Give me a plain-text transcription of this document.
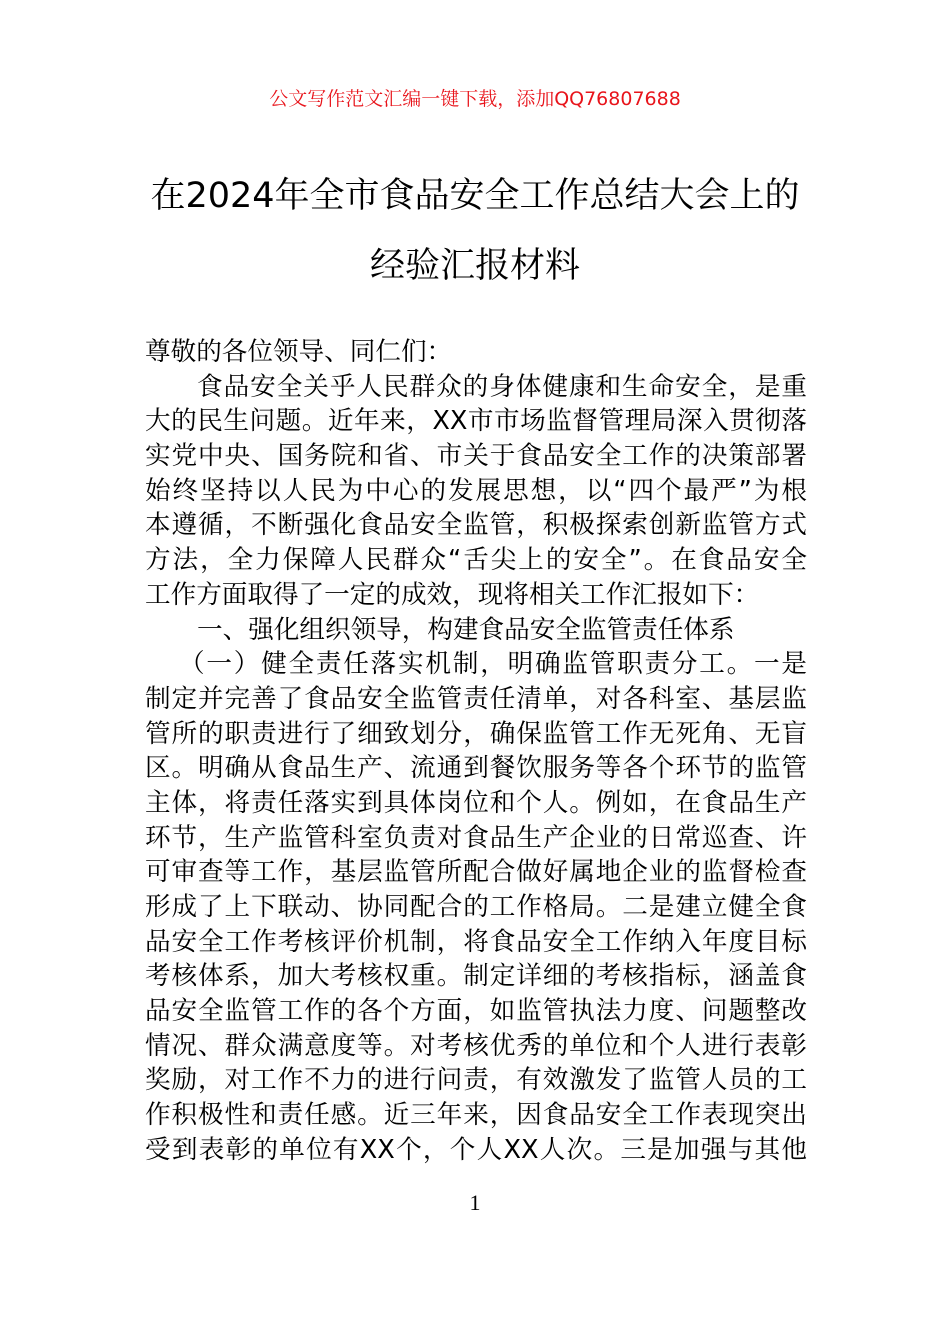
公文写作范文汇编一键下载，添加QQ76807688
在2024年全市食品安全工作总结大会上的
经验汇报材料
尊敬的各位领导、同仁们：
食品安全关乎人民群众的身体健康和生命安全，是重
大的民生问题。近年来，XX市市场监督管理局深入贯彻落
实党中央、国务院和省、市关于食品安全工作的决策部署
始终坚持以人民为中心的发展思想，以“四个最严”为根
本遵循，不断强化食品安全监管，积极探索创新监管方式
方法，全力保障人民群众“舌尖上的安全”。在食品安全
工作方面取得了一定的成效，现将相关工作汇报如下：
一、强化组织领导，构建食品安全监管责任体系
（一）健全责任落实机制，明确监管职责分工。一是
制定并完善了食品安全监管责任清单，对各科室、基层监
管所的职责进行了细致划分，确保监管工作无死角、无盲
区。明确从食品生产、流通到餐饮服务等各个环节的监管
主体，将责任落实到具体岗位和个人。例如，在食品生产
环节，生产监管科室负责对食品生产企业的日常巡查、许
可审查等工作，基层监管所配合做好属地企业的监督检查
形成了上下联动、协同配合的工作格局。二是建立健全食
品安全工作考核评价机制，将食品安全工作纳入年度目标
考核体系，加大考核权重。制定详细的考核指标，涵盖食
品安全监管工作的各个方面，如监管执法力度、问题整改
情况、群众满意度等。对考核优秀的单位和个人进行表彰
奖励，对工作不力的进行问责，有效激发了监管人员的工
作积极性和责任感。近三年来，因食品安全工作表现突出
受到表彰的单位有XX个，个人XX人次。三是加强与其他
1
